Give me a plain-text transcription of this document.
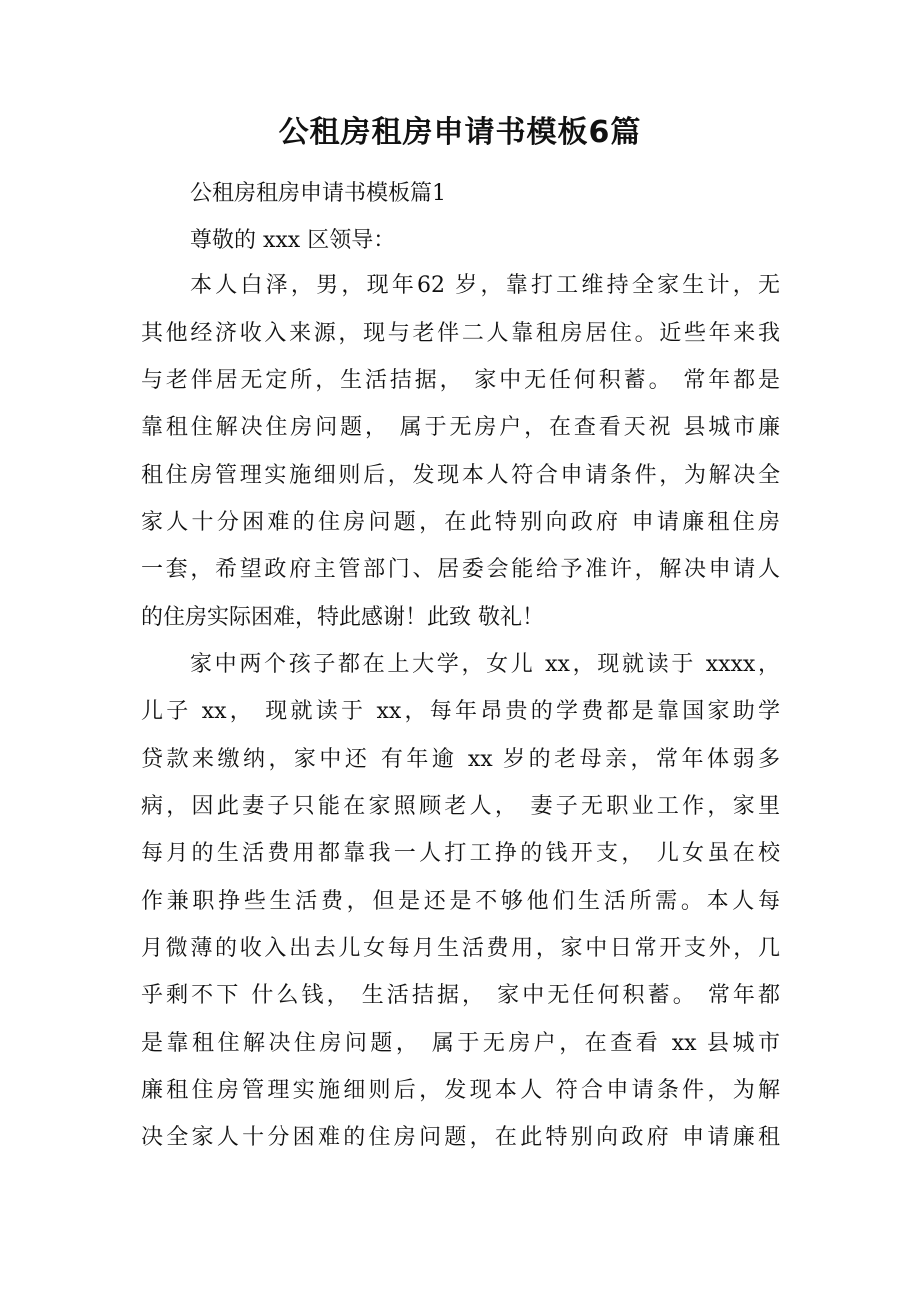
公租房租房申请书模板6篇
公租房租房申请书模板篇1
尊敬的 xxx 区领导：
本人白泽，男，现年62 岁，靠打工维持全家生计，无
其他经济收入来源，现与老伴二人靠租房居住。近些年来我
与老伴居无定所，生活拮据， 家中无任何积蓄。 常年都是
靠租住解决住房问题， 属于无房户，在查看天祝 县城市廉
租住房管理实施细则后，发现本人符合申请条件，为解决全
家人十分困难的住房问题，在此特别向政府 申请廉租住房
一套，希望政府主管部门、居委会能给予准许，解决申请人
的住房实际困难，特此感谢！此致 敬礼！
家中两个孩子都在上大学，女儿 xx，现就读于 xxxx，
儿子 xx， 现就读于 xx，每年昂贵的学费都是靠国家助学
贷款来缴纳，家中还 有年逾 xx 岁的老母亲，常年体弱多
病，因此妻子只能在家照顾老人， 妻子无职业工作，家里
每月的生活费用都靠我一人打工挣的钱开支， 儿女虽在校
作兼职挣些生活费，但是还是不够他们生活所需。本人每
月微薄的收入出去儿女每月生活费用，家中日常开支外，几
乎剩不下 什么钱， 生活拮据， 家中无任何积蓄。 常年都
是靠租住解决住房问题， 属于无房户，在查看 xx 县城市
廉租住房管理实施细则后，发现本人 符合申请条件，为解
决全家人十分困难的住房问题，在此特别向政府 申请廉租
